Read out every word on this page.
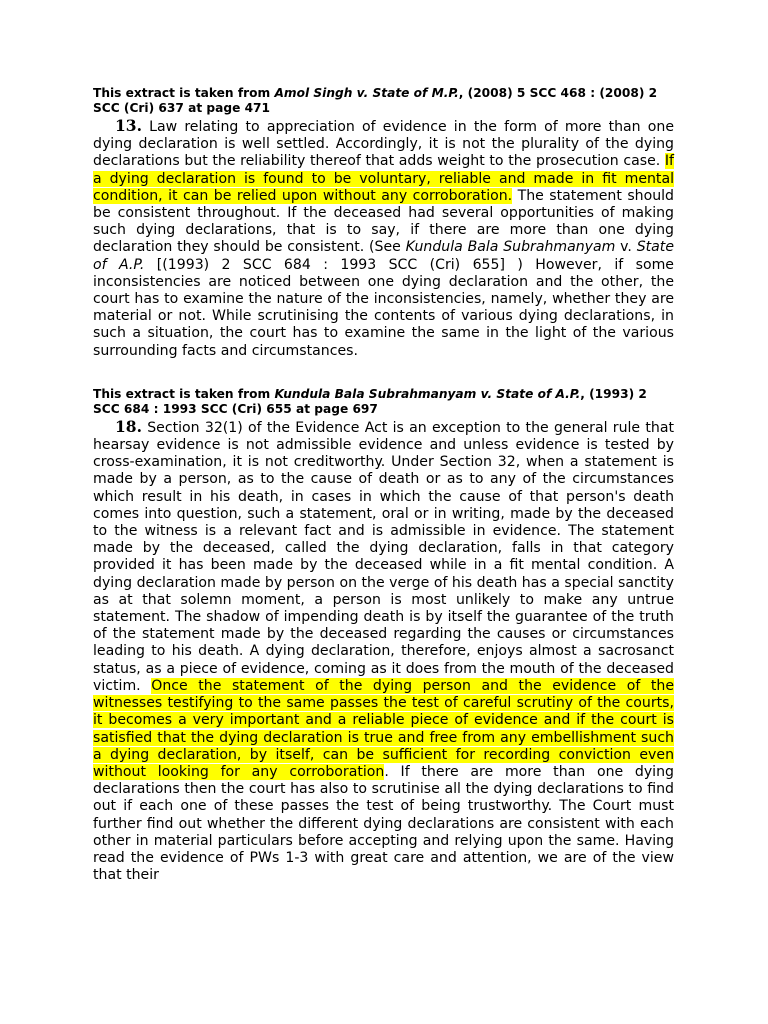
This extract is taken from Amol Singh v. State of M.P., (2008) 5 SCC 468 : (2008) 2 SCC (Cri) 637 at page 471

13. Law relating to appreciation of evidence in the form of more than one dying declaration is well settled. Accordingly, it is not the plurality of the dying declarations but the reliability thereof that adds weight to the prosecution case. If a dying declaration is found to be voluntary, reliable and made in fit mental condition, it can be relied upon without any corroboration. The statement should be consistent throughout. If the deceased had several opportunities of making such dying declarations, that is to say, if there are more than one dying declaration they should be consistent. (See Kundula Bala Subrahmanyam v. State of A.P. [(1993) 2 SCC 684 : 1993 SCC (Cri) 655] ) However, if some inconsistencies are noticed between one dying declaration and the other, the court has to examine the nature of the inconsistencies, namely, whether they are material or not. While scrutinising the contents of various dying declarations, in such a situation, the court has to examine the same in the light of the various surrounding facts and circumstances.

This extract is taken from Kundula Bala Subrahmanyam v. State of A.P., (1993) 2 SCC 684 : 1993 SCC (Cri) 655 at page 697

18. Section 32(1) of the Evidence Act is an exception to the general rule that hearsay evidence is not admissible evidence and unless evidence is tested by cross-examination, it is not creditworthy. Under Section 32, when a statement is made by a person, as to the cause of death or as to any of the circumstances which result in his death, in cases in which the cause of that person's death comes into question, such a statement, oral or in writing, made by the deceased to the witness is a relevant fact and is admissible in evidence. The statement made by the deceased, called the dying declaration, falls in that category provided it has been made by the deceased while in a fit mental condition. A dying declaration made by person on the verge of his death has a special sanctity as at that solemn moment, a person is most unlikely to make any untrue statement. The shadow of impending death is by itself the guarantee of the truth of the statement made by the deceased regarding the causes or circumstances leading to his death. A dying declaration, therefore, enjoys almost a sacrosanct status, as a piece of evidence, coming as it does from the mouth of the deceased victim. Once the statement of the dying person and the evidence of the witnesses testifying to the same passes the test of careful scrutiny of the courts, it becomes a very important and a reliable piece of evidence and if the court is satisfied that the dying declaration is true and free from any embellishment such a dying declaration, by itself, can be sufficient for recording conviction even without looking for any corroboration. If there are more than one dying declarations then the court has also to scrutinise all the dying declarations to find out if each one of these passes the test of being trustworthy. The Court must further find out whether the different dying declarations are consistent with each other in material particulars before accepting and relying upon the same. Having read the evidence of PWs 1-3 with great care and attention, we are of the view that their
